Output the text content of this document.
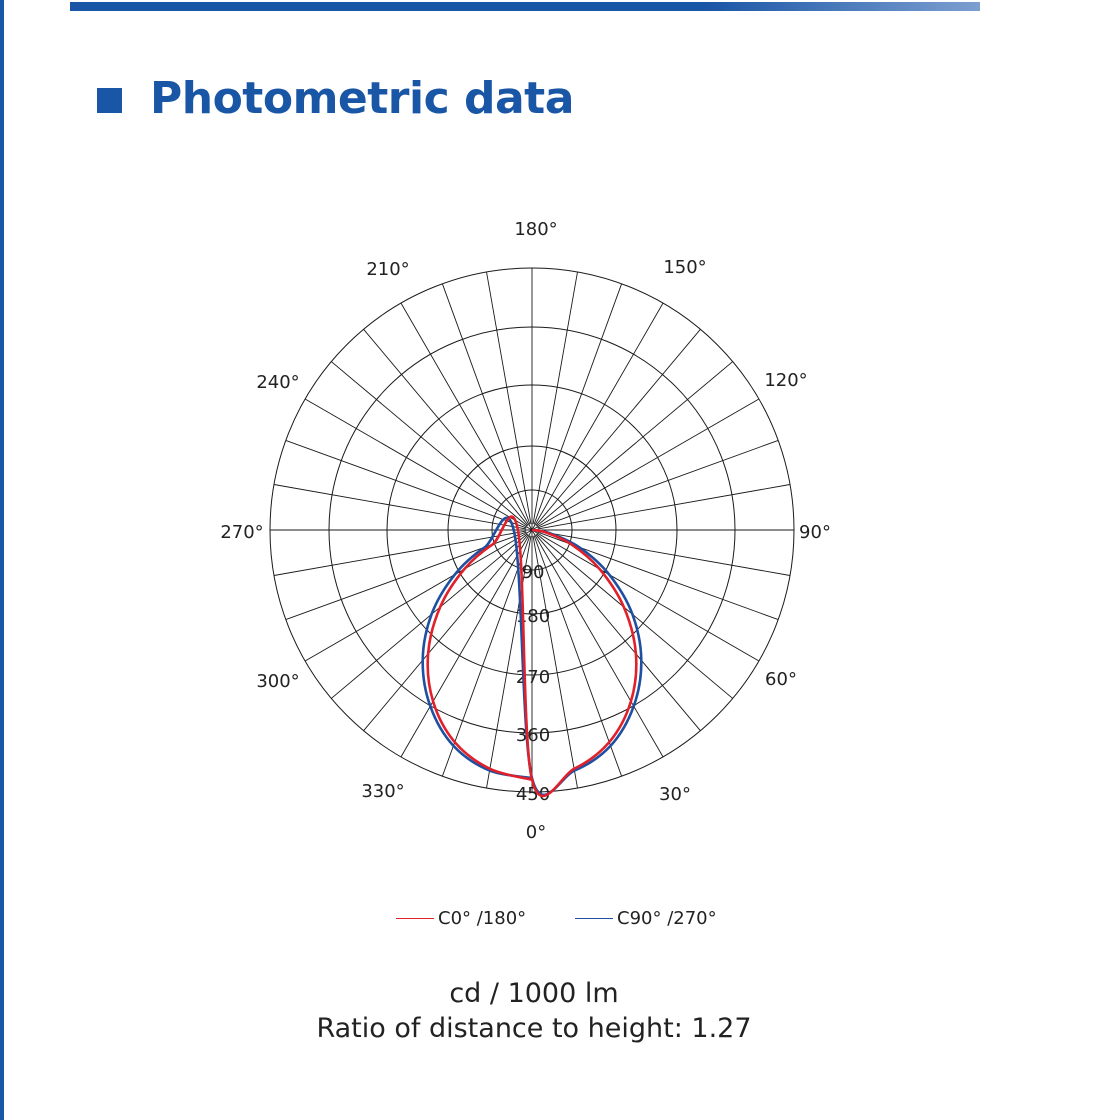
Photometric data
90
180
270
360
450
180°
150°
120°
90°
60°
30°
0°
330°
300°
270°
240°
210°
C0° /180°	C90° /270°
cd / 1000 lm
Ratio of distance to height: 1.27
